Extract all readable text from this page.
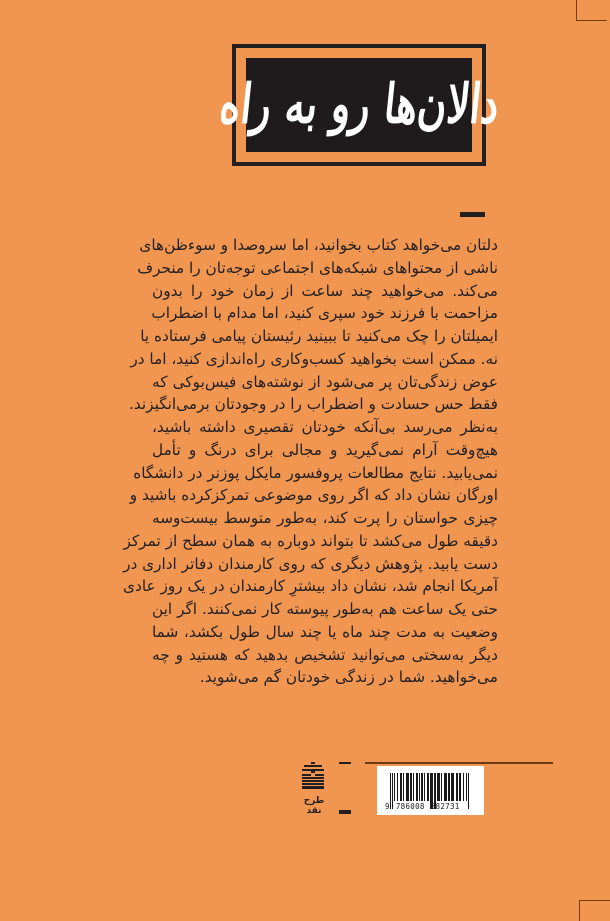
دالان‌ها رو به راه
دلتان می‌خواهد کتاب بخوانید، اما سروصدا و سوءظن‌های
ناشی از محتواهای شبکه‌های اجتماعی توجه‌تان را منحرف
می‌کند. می‌خواهید چند ساعت از زمان خود را بدون
مزاحمت با فرزند خود سپری کنید، اما مدام با اضطراب
ایمیلتان را چک می‌کنید تا ببینید رئیستان پیامی فرستاده یا
نه. ممکن است بخواهید کسب‌وکاری راه‌اندازی کنید، اما در
عوض زندگی‌تان پر می‌شود از نوشته‌های فیس‌بوکی که
فقط حس حسادت و اضطراب را در وجودتان برمی‌انگیزند.
به‌نظر می‌رسد بی‌آنکه خودتان تقصیری داشته باشید،
هیچ‌وقت آرام نمی‌گیرید و مجالی برای درنگ و تأمل
نمی‌یابید. نتایج مطالعات پروفسور مایکل پوزنر در دانشگاه
اورگان نشان داد که اگر روی موضوعی تمرکزکرده باشید و
چیزی حواستان را پرت کند، به‌طور متوسط بیست‌وسه
دقیقه طول می‌کشد تا بتواند دوباره به همان سطح از تمرکز
دست یابید. پژوهش دیگری که روی کارمندان دفاتر اداری در
آمریکا انجام شد، نشان داد بیشترِ کارمندان در یک روز عادی
حتی یک ساعت هم به‌طور پیوسته کار نمی‌کنند. اگر این
وضعیت به مدت چند ماه یا چند سال طول بکشد، شما
دیگر به‌سختی می‌توانید تشخیص بدهید که هستید و چه
می‌خواهید. شما در زندگی خودتان گم می‌شوید.
9 786008 582731
طرح
نقد
